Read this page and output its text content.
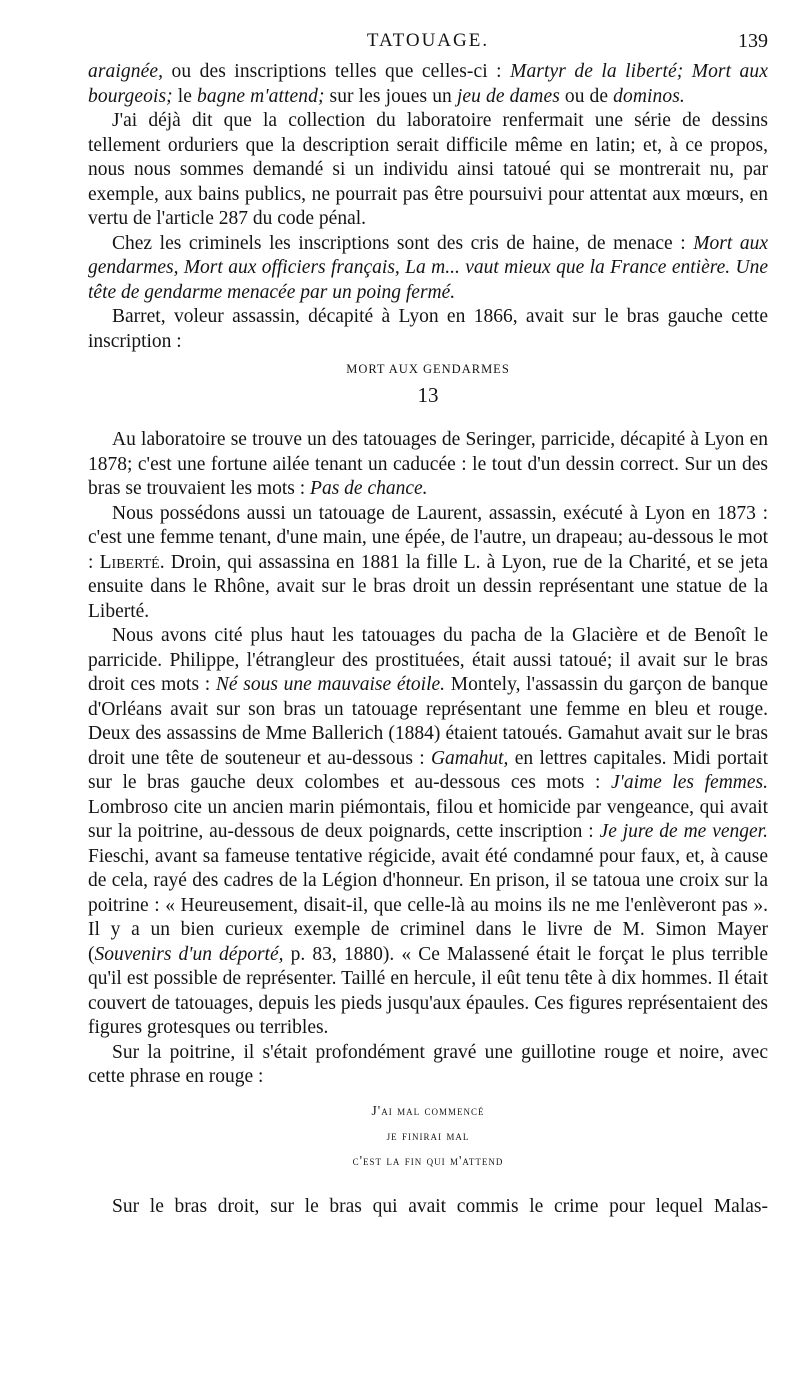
TATOUAGE.	139

araignée, ou des inscriptions telles que celles-ci : Martyr de la liberté; Mort aux bourgeois; le bagne m'attend; sur les joues un jeu de dames ou de dominos.

J'ai déjà dit que la collection du laboratoire renfermait une série de dessins tellement orduriers que la description serait difficile même en latin; et, à ce propos, nous nous sommes demandé si un individu ainsi tatoué qui se montrerait nu, par exemple, aux bains publics, ne pourrait pas être poursuivi pour attentat aux mœurs, en vertu de l'article 287 du code pénal.

Chez les criminels les inscriptions sont des cris de haine, de menace : Mort aux gendarmes, Mort aux officiers français, La m... vaut mieux que la France entière. Une tête de gendarme menacée par un poing fermé.

Barret, voleur assassin, décapité à Lyon en 1866, avait sur le bras gauche cette inscription :

MORT AUX GENDARMES
13

Au laboratoire se trouve un des tatouages de Seringer, parricide, décapité à Lyon en 1878; c'est une fortune ailée tenant un caducée : le tout d'un dessin correct. Sur un des bras se trouvaient les mots : Pas de chance.

Nous possédons aussi un tatouage de Laurent, assassin, exécuté à Lyon en 1873 : c'est une femme tenant, d'une main, une épée, de l'autre, un drapeau; au-dessous le mot : Liberté. Droin, qui assassina en 1881 la fille L. à Lyon, rue de la Charité, et se jeta ensuite dans le Rhône, avait sur le bras droit un dessin représentant une statue de la Liberté.

Nous avons cité plus haut les tatouages du pacha de la Glacière et de Benoît le parricide. Philippe, l'étrangleur des prostituées, était aussi tatoué; il avait sur le bras droit ces mots : Né sous une mauvaise étoile. Montely, l'assassin du garçon de banque d'Orléans avait sur son bras un tatouage représentant une femme en bleu et rouge. Deux des assassins de Mme Ballerich (1884) étaient tatoués. Gamahut avait sur le bras droit une tête de souteneur et au-dessous : Gamahut, en lettres capitales. Midi portait sur le bras gauche deux colombes et au-dessous ces mots : J'aime les femmes. Lombroso cite un ancien marin piémontais, filou et homicide par vengeance, qui avait sur la poitrine, au-dessous de deux poignards, cette inscription : Je jure de me venger. Fieschi, avant sa fameuse tentative régicide, avait été condamné pour faux, et, à cause de cela, rayé des cadres de la Légion d'honneur. En prison, il se tatoua une croix sur la poitrine : « Heureusement, disait-il, que celle-là au moins ils ne me l'enlèveront pas ». Il y a un bien curieux exemple de criminel dans le livre de M. Simon Mayer (Souvenirs d'un déporté, p. 83, 1880). « Ce Malassené était le forçat le plus terrible qu'il est possible de représenter. Taillé en hercule, il eût tenu tête à dix hommes. Il était couvert de tatouages, depuis les pieds jusqu'aux épaules. Ces figures représentaient des figures grotesques ou terribles.

Sur la poitrine, il s'était profondément gravé une guillotine rouge et noire, avec cette phrase en rouge :

J'ai mal commencé
je finirai mal
c'est la fin qui m'attend

Sur le bras droit, sur le bras qui avait commis le crime pour lequel Malas-
